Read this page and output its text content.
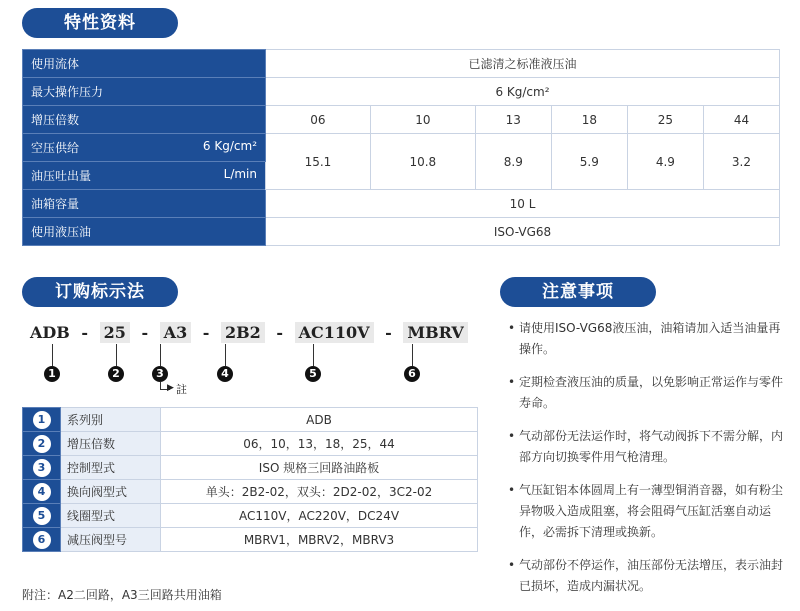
特性资料
使用流体	已滤清之标准液压油					
最大操作压力	6 Kg/cm²					
增压倍数	06	10	13	18	25	44

空压供给 6 Kg/cm²	15.1	10.8	8.9	5.9	4.9	3.2

油压吐出量 L/min						

油箱容量	10 L					
使用液压油	ISO-VG68					
订购标示法	注意事项
ADB - 25 - A3 - 2B2 - AC110V - MBRV
1	2	3	4	5	6
▶ 註
1	系列别	ADB
2	增压倍数	06，10，13，18，25，44
3	控制型式	ISO 规格三回路油路板
4	换向阀型式	单头：2B2-02，双头：2D2-02，3C2-02
5	线圈型式	AC110V，AC220V，DC24V
6	减压阀型号	MBRV1，MBRV2，MBRV3
附注：A2二回路，A3三回路共用油箱
• 请使用ISO-VG68液压油，油箱请加入适当油量再操作。
• 定期检查液压油的质量，以免影响正常运作与零件寿命。
• 气动部份无法运作时，将气动阀拆下不需分解，内部方向切换零件用气枪清理。
• 气压缸铝本体圆周上有一薄型铜消音器，如有粉尘异物吸入造成阻塞，将会阻碍气压缸活塞自动运作，必需拆下清理或换新。
• 气动部份不停运作，油压部份无法增压，表示油封已损坏，造成内漏状况。
